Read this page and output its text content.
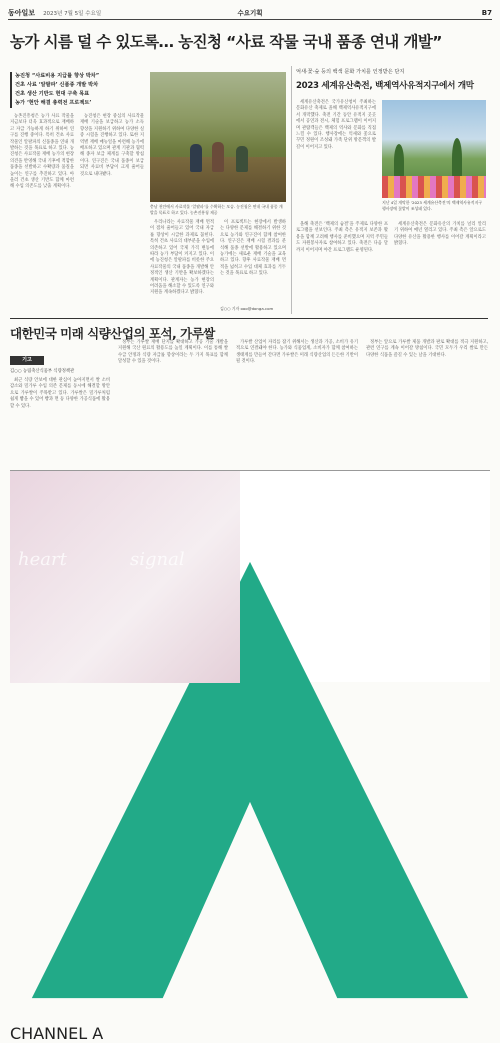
동아일보 2023년 7월 5일 수요일	수요기획	B7
농가 시름 덜 수 있도록… 농진청 “사료 작물 국내 품종 연내 개발”
농진청 “사료비용 지급률 향상 박차”
건초 사료 ‘알팔파’ 신품종 개발 박차
건초 생산 기반도 현대 구축 목표
농가 ‘현안 해결 총력전 프로젝트’

농촌진흥청은 농가 사료 작물을 지금보다 더욱 효과적으로 재배하고 자급 가능하게 하기 위하여 연구를 진행 중이다. 특히 건초 사료 작물인 알팔파의 신품종을 연내 개발하는 것을 목표로 하고 있다. 농진청은 사료작물 재배 농가의 현장 의견을 반영해 국내 기후에 적합한 품종을 선발하고 수확량과 품질을 높이는 연구를 추진하고 있다. 아울러 건초 생산 기반도 함께 마련해 수입 의존도를 낮출 계획이다.

농진청은 현장 중심의 사료작물 재배 기술을 보급하고 농가 소득 향상을 지원하기 위하여 다양한 실증 시험을 진행하고 있다. 또한 지역별 재배 매뉴얼을 마련해 농가에 배포하고 있으며 관계 기관과 협력해 종자 보급 체계를 구축할 방침이다. 연구진은 국내 품종이 보급되면 사료비 부담이 크게 줄어들 것으로 내다봤다.

충남 천안에서 사료작물 ‘알팔파’를 수확하는 모습. 농진청은 연내 국내 품종 개발을 목표로 하고 있다. 농촌진흥청 제공

우리나라는 사료작물 재배 면적이 점차 줄어들고 있어 국내 자급률 향상이 시급한 과제로 꼽힌다. 특히 건초 사료의 대부분을 수입에 의존하고 있어 국제 가격 변동에 따라 농가 부담이 커지고 있다. 이에 농진청은 알팔파를 비롯한 주요 사료작물의 국내 품종을 개발해 안정적인 생산 기반을 확보하겠다는 계획이다. 관계자는 농가 현장의 어려움을 해소할 수 있도록 연구와 지원을 계속하겠다고 밝혔다.

이 프로젝트는 현장에서 발생하는 다양한 문제를 해결하기 위한 것으로 농가와 연구진이 함께 참여한다. 연구진은 재배 시험 결과를 분석해 품종 선발에 활용하고 있으며 농가에는 새로운 재배 기술을 교육하고 있다. 향후 사료작물 재배 면적을 넓히고 수입 대체 효과를 거두는 것을 목표로 하고 있다.

김○○ 기자 ooo@donga.com
억새·꽃·숲 등의 백색 문화 가치를 인정받은 단지
2023 세계유산축전, 백제역사유적지구에서 개막

세계유산축전은 국가유산청이 주최하는 문화유산 축제로 올해 백제역사유적지구에서 개막했다. 축전 기간 동안 유적지 곳곳에서 공연과 전시, 체험 프로그램이 이어지며 관람객들은 백제의 역사와 문화를 직접 느낄 수 있다. 행사장에는 억새와 꽃으로 꾸민 정원이 조성돼 가족 단위 방문객의 발길이 이어지고 있다.

지난 4일 개막한 ‘2023 세계유산축전’의 백제역사유적지구 행사장에 꽃밭이 조성돼 있다.

올해 축전은 ‘백제의 숨결’을 주제로 다양한 프로그램을 선보인다. 주최 측은 유적지 보존과 활용을 함께 고려해 행사를 준비했으며 지역 주민들도 자원봉사자로 참여하고 있다. 축전은 다음 달까지 이어지며 야간 프로그램도 운영된다.

세계유산축전은 문화유산의 가치를 널리 알리기 위하여 매년 열리고 있다. 주최 측은 앞으로도 다양한 유산을 활용한 행사를 이어갈 계획이라고 밝혔다.

대한민국 미래 식량산업의 포석, 가루쌀
기고
김○○ 농림축산식품부 식량정책관

최근 식량 안보에 대한 관심이 높아지면서 쌀 소비 감소와 밀가루 수입 의존 문제를 동시에 해결할 방안으로 가루쌀이 주목받고 있다. 가루쌀은 밀가루처럼 쉽게 빻을 수 있어 빵과 면 등 다양한 가공식품에 활용할 수 있다.

정부는 가루쌀 재배 단지를 확대하고 가공 기술 개발을 지원해 국산 원료의 활용도를 높일 계획이다. 이를 통해 쌀 수급 안정과 식량 자급률 향상이라는 두 가지 목표를 함께 달성할 수 있을 것이다.

가루쌀 산업이 자리를 잡기 위해서는 생산과 가공, 소비가 유기적으로 연결돼야 한다. 농가와 식품업계, 소비자가 함께 참여하는 생태계를 만들어 간다면 가루쌀은 미래 식량산업의 든든한 기반이 될 것이다.

정부는 앞으로 가루쌀 제품 개발과 판로 확대를 적극 지원하고, 관련 연구를 계속 이어갈 방침이다. 국민 모두가 우리 쌀로 만든 다양한 식품을 즐길 수 있는 날을 기대한다.

heart	signal
CHANNEL A
